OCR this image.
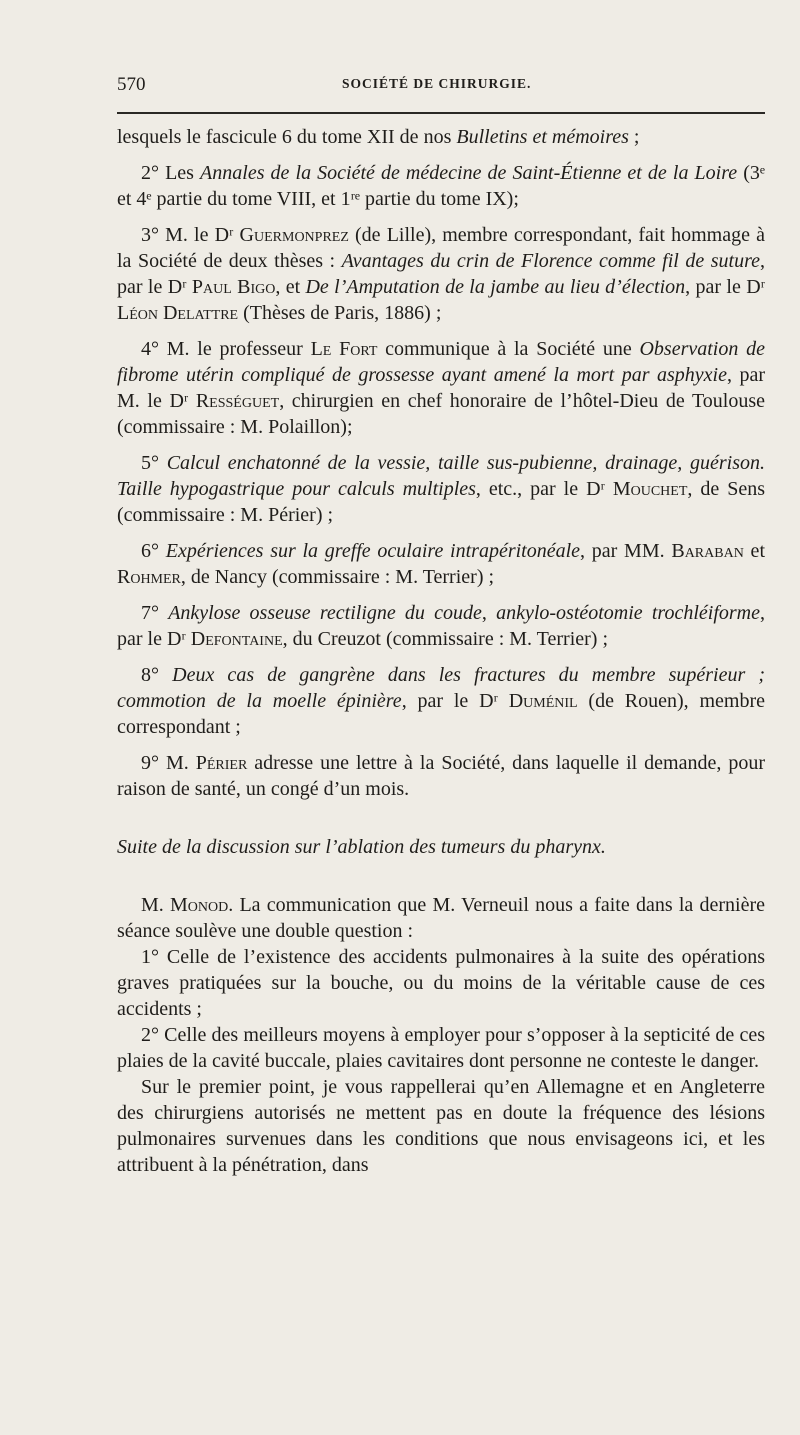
570	SOCIÉTÉ DE CHIRURGIE.

lesquels le fascicule 6 du tome XII de nos Bulletins et mémoires ;

2° Les Annales de la Société de médecine de Saint-Étienne et de la Loire (3ᵉ et 4ᵉ partie du tome VIII, et 1ʳᵉ partie du tome IX);

3° M. le Dʳ Guermonprez (de Lille), membre correspondant, fait hommage à la Société de deux thèses : Avantages du crin de Florence comme fil de suture, par le Dʳ Paul Bigo, et De l’Amputation de la jambe au lieu d’élection, par le Dʳ Léon Delattre (Thèses de Paris, 1886) ;

4° M. le professeur Le Fort communique à la Société une Observation de fibrome utérin compliqué de grossesse ayant amené la mort par asphyxie, par M. le Dʳ Rességuet, chirurgien en chef honoraire de l’hôtel-Dieu de Toulouse (commissaire : M. Polaillon);

5° Calcul enchatonné de la vessie, taille sus-pubienne, drainage, guérison. Taille hypogastrique pour calculs multiples, etc., par le Dʳ Mouchet, de Sens (commissaire : M. Périer) ;

6° Expériences sur la greffe oculaire intrapéritonéale, par MM. Baraban et Rohmer, de Nancy (commissaire : M. Terrier) ;

7° Ankylose osseuse rectiligne du coude, ankylo-ostéotomie trochléiforme, par le Dʳ Defontaine, du Creuzot (commissaire : M. Terrier) ;

8° Deux cas de gangrène dans les fractures du membre supérieur ; commotion de la moelle épinière, par le Dʳ Duménil (de Rouen), membre correspondant ;

9° M. Périer adresse une lettre à la Société, dans laquelle il demande, pour raison de santé, un congé d’un mois.

Suite de la discussion sur l’ablation des tumeurs du pharynx.

M. Monod. La communication que M. Verneuil nous a faite dans la dernière séance soulève une double question :

1° Celle de l’existence des accidents pulmonaires à la suite des opérations graves pratiquées sur la bouche, ou du moins de la véritable cause de ces accidents ;

2° Celle des meilleurs moyens à employer pour s’opposer à la septicité de ces plaies de la cavité buccale, plaies cavitaires dont personne ne conteste le danger.

Sur le premier point, je vous rappellerai qu’en Allemagne et en Angleterre des chirurgiens autorisés ne mettent pas en doute la fréquence des lésions pulmonaires survenues dans les conditions que nous envisageons ici, et les attribuent à la pénétration, dans
